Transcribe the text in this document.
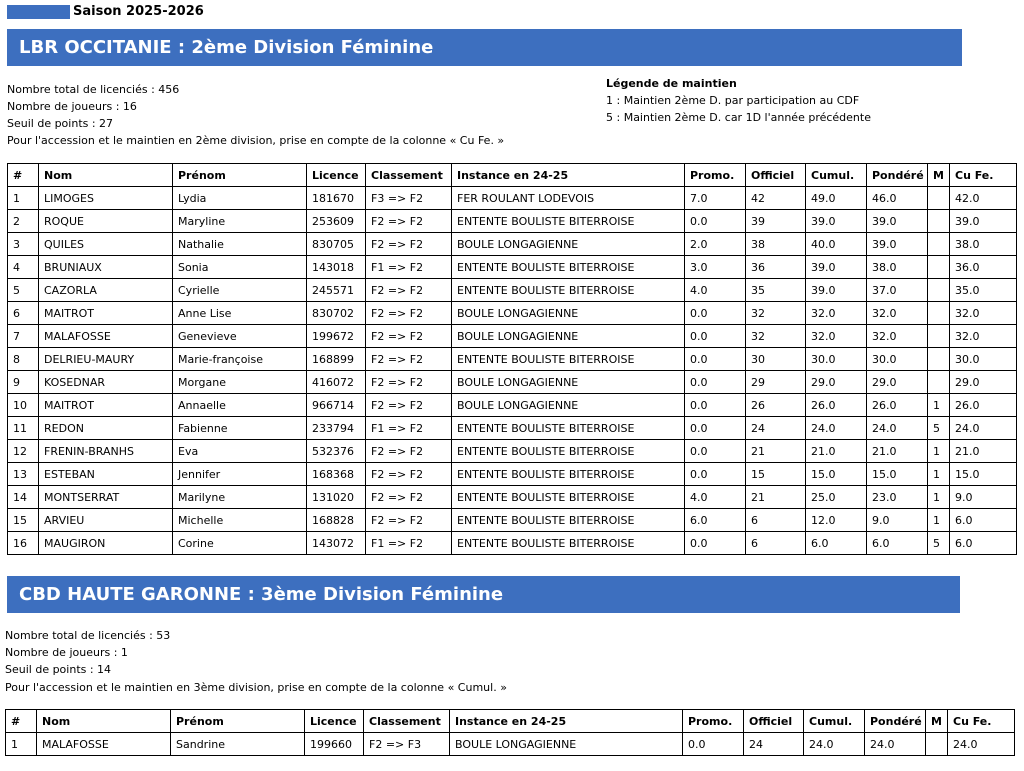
Saison 2025-2026
LBR OCCITANIE : 2ème Division Féminine
Nombre total de licenciés : 456
Nombre de joueurs : 16
Seuil de points : 27
Pour l'accession et le maintien en 2ème division, prise en compte de la colonne « Cu Fe. »
Légende de maintien
1 : Maintien 2ème D. par participation au CDF
5 : Maintien 2ème D. car 1D l'année précédente
#	Nom	Prénom	Licence	Classement	Instance en 24-25	Promo.	Officiel	Cumul.	Pondéré	M	Cu Fe.
1	LIMOGES	Lydia	181670	F3 => F2	FER ROULANT LODEVOIS	7.0	42	49.0	46.0		42.0
2	ROQUE	Maryline	253609	F2 => F2	ENTENTE BOULISTE BITERROISE	0.0	39	39.0	39.0		39.0
3	QUILES	Nathalie	830705	F2 => F2	BOULE LONGAGIENNE	2.0	38	40.0	39.0		38.0
4	BRUNIAUX	Sonia	143018	F1 => F2	ENTENTE BOULISTE BITERROISE	3.0	36	39.0	38.0		36.0
5	CAZORLA	Cyrielle	245571	F2 => F2	ENTENTE BOULISTE BITERROISE	4.0	35	39.0	37.0		35.0
6	MAITROT	Anne Lise	830702	F2 => F2	BOULE LONGAGIENNE	0.0	32	32.0	32.0		32.0
7	MALAFOSSE	Genevieve	199672	F2 => F2	BOULE LONGAGIENNE	0.0	32	32.0	32.0		32.0
8	DELRIEU-MAURY	Marie-françoise	168899	F2 => F2	ENTENTE BOULISTE BITERROISE	0.0	30	30.0	30.0		30.0
9	KOSEDNAR	Morgane	416072	F2 => F2	BOULE LONGAGIENNE	0.0	29	29.0	29.0		29.0
10	MAITROT	Annaelle	966714	F2 => F2	BOULE LONGAGIENNE	0.0	26	26.0	26.0	1	26.0
11	REDON	Fabienne	233794	F1 => F2	ENTENTE BOULISTE BITERROISE	0.0	24	24.0	24.0	5	24.0
12	FRENIN-BRANHS	Eva	532376	F2 => F2	ENTENTE BOULISTE BITERROISE	0.0	21	21.0	21.0	1	21.0
13	ESTEBAN	Jennifer	168368	F2 => F2	ENTENTE BOULISTE BITERROISE	0.0	15	15.0	15.0	1	15.0
14	MONTSERRAT	Marilyne	131020	F2 => F2	ENTENTE BOULISTE BITERROISE	4.0	21	25.0	23.0	1	9.0
15	ARVIEU	Michelle	168828	F2 => F2	ENTENTE BOULISTE BITERROISE	6.0	6	12.0	9.0	1	6.0
16	MAUGIRON	Corine	143072	F1 => F2	ENTENTE BOULISTE BITERROISE	0.0	6	6.0	6.0	5	6.0
CBD HAUTE GARONNE : 3ème Division Féminine
Nombre total de licenciés : 53
Nombre de joueurs : 1
Seuil de points : 14
Pour l'accession et le maintien en 3ème division, prise en compte de la colonne « Cumul. »
#	Nom	Prénom	Licence	Classement	Instance en 24-25	Promo.	Officiel	Cumul.	Pondéré	M	Cu Fe.
1	MALAFOSSE	Sandrine	199660	F2 => F3	BOULE LONGAGIENNE	0.0	24	24.0	24.0		24.0
